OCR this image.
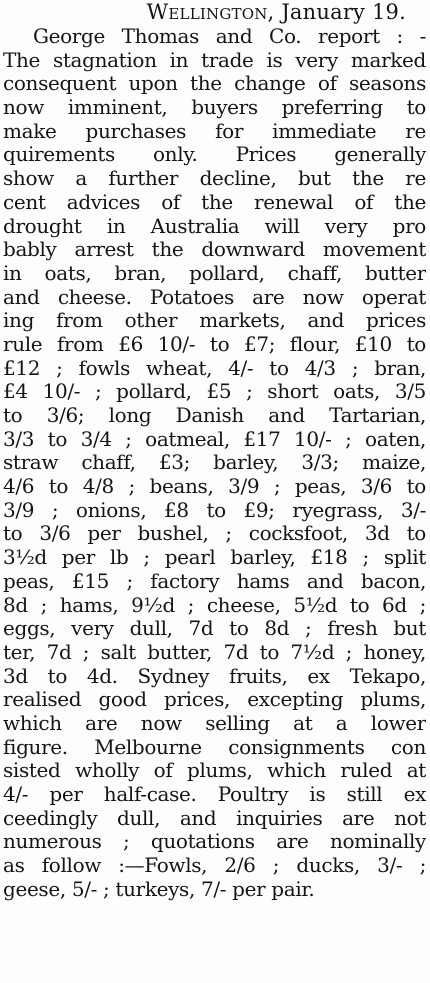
Wellington, January 19.

George Thomas and Co. report : -
The stagnation in trade is very marked
consequent upon the change of seasons
now imminent, buyers preferring to
make purchases for immediate re
quirements only. Prices generally
show a further decline, but the re
cent advices of the renewal of the
drought in Australia will very pro
bably arrest the downward movement
in oats, bran, pollard, chaff, butter
and cheese. Potatoes are now operat
ing from other markets, and prices
rule from £6 10/- to £7; flour, £10 to
£12 ; fowls wheat, 4/- to 4/3 ; bran,
£4 10/- ; pollard, £5 ; short oats, 3/5
to 3/6; long Danish and Tartarian,
3/3 to 3/4 ; oatmeal, £17 10/- ; oaten,
straw chaff, £3; barley, 3/3; maize,
4/6 to 4/8 ; beans, 3/9 ; peas, 3/6 to
3/9 ; onions, £8 to £9; ryegrass, 3/-
to 3/6 per bushel, ; cocksfoot, 3d to
3½d per lb ; pearl barley, £18 ; split
peas, £15 ; factory hams and bacon,
8d ; hams, 9½d ; cheese, 5½d to 6d ;
eggs, very dull, 7d to 8d ; fresh but
ter, 7d ; salt butter, 7d to 7½d ; honey,
3d to 4d. Sydney fruits, ex Tekapo,
realised good prices, excepting plums,
which are now selling at a lower
figure. Melbourne consignments con
sisted wholly of plums, which ruled at
4/- per half-case. Poultry is still ex
ceedingly dull, and inquiries are not
numerous ; quotations are nominally
as follow :—Fowls, 2/6 ; ducks, 3/- ;
geese, 5/- ; turkeys, 7/- per pair.
